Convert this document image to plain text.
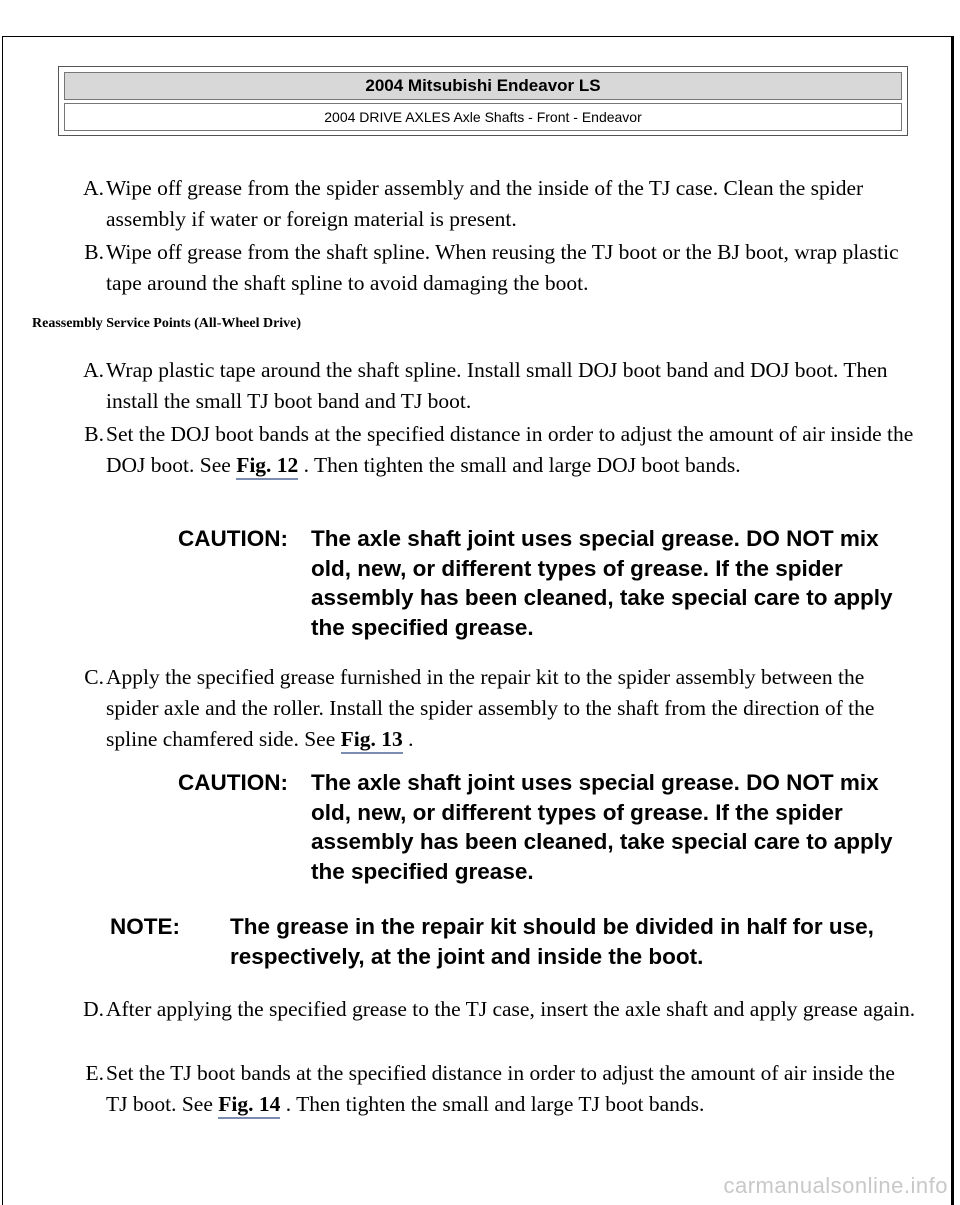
2004 Mitsubishi Endeavor LS
2004 DRIVE AXLES Axle Shafts - Front - Endeavor
A. Wipe off grease from the spider assembly and the inside of the TJ case. Clean the spider assembly if water or foreign material is present.
B. Wipe off grease from the shaft spline. When reusing the TJ boot or the BJ boot, wrap plastic tape around the shaft spline to avoid damaging the boot.
Reassembly Service Points (All-Wheel Drive)
A. Wrap plastic tape around the shaft spline. Install small DOJ boot band and DOJ boot. Then install the small TJ boot band and TJ boot.
B. Set the DOJ boot bands at the specified distance in order to adjust the amount of air inside the DOJ boot. See Fig. 12 . Then tighten the small and large DOJ boot bands.
CAUTION: The axle shaft joint uses special grease. DO NOT mix old, new, or different types of grease. If the spider assembly has been cleaned, take special care to apply the specified grease.
C. Apply the specified grease furnished in the repair kit to the spider assembly between the spider axle and the roller. Install the spider assembly to the shaft from the direction of the spline chamfered side. See Fig. 13 .
CAUTION: The axle shaft joint uses special grease. DO NOT mix old, new, or different types of grease. If the spider assembly has been cleaned, take special care to apply the specified grease.
NOTE: The grease in the repair kit should be divided in half for use, respectively, at the joint and inside the boot.
D. After applying the specified grease to the TJ case, insert the axle shaft and apply grease again.
E. Set the TJ boot bands at the specified distance in order to adjust the amount of air inside the TJ boot. See Fig. 14 . Then tighten the small and large TJ boot bands.
carmanualsonline.info
